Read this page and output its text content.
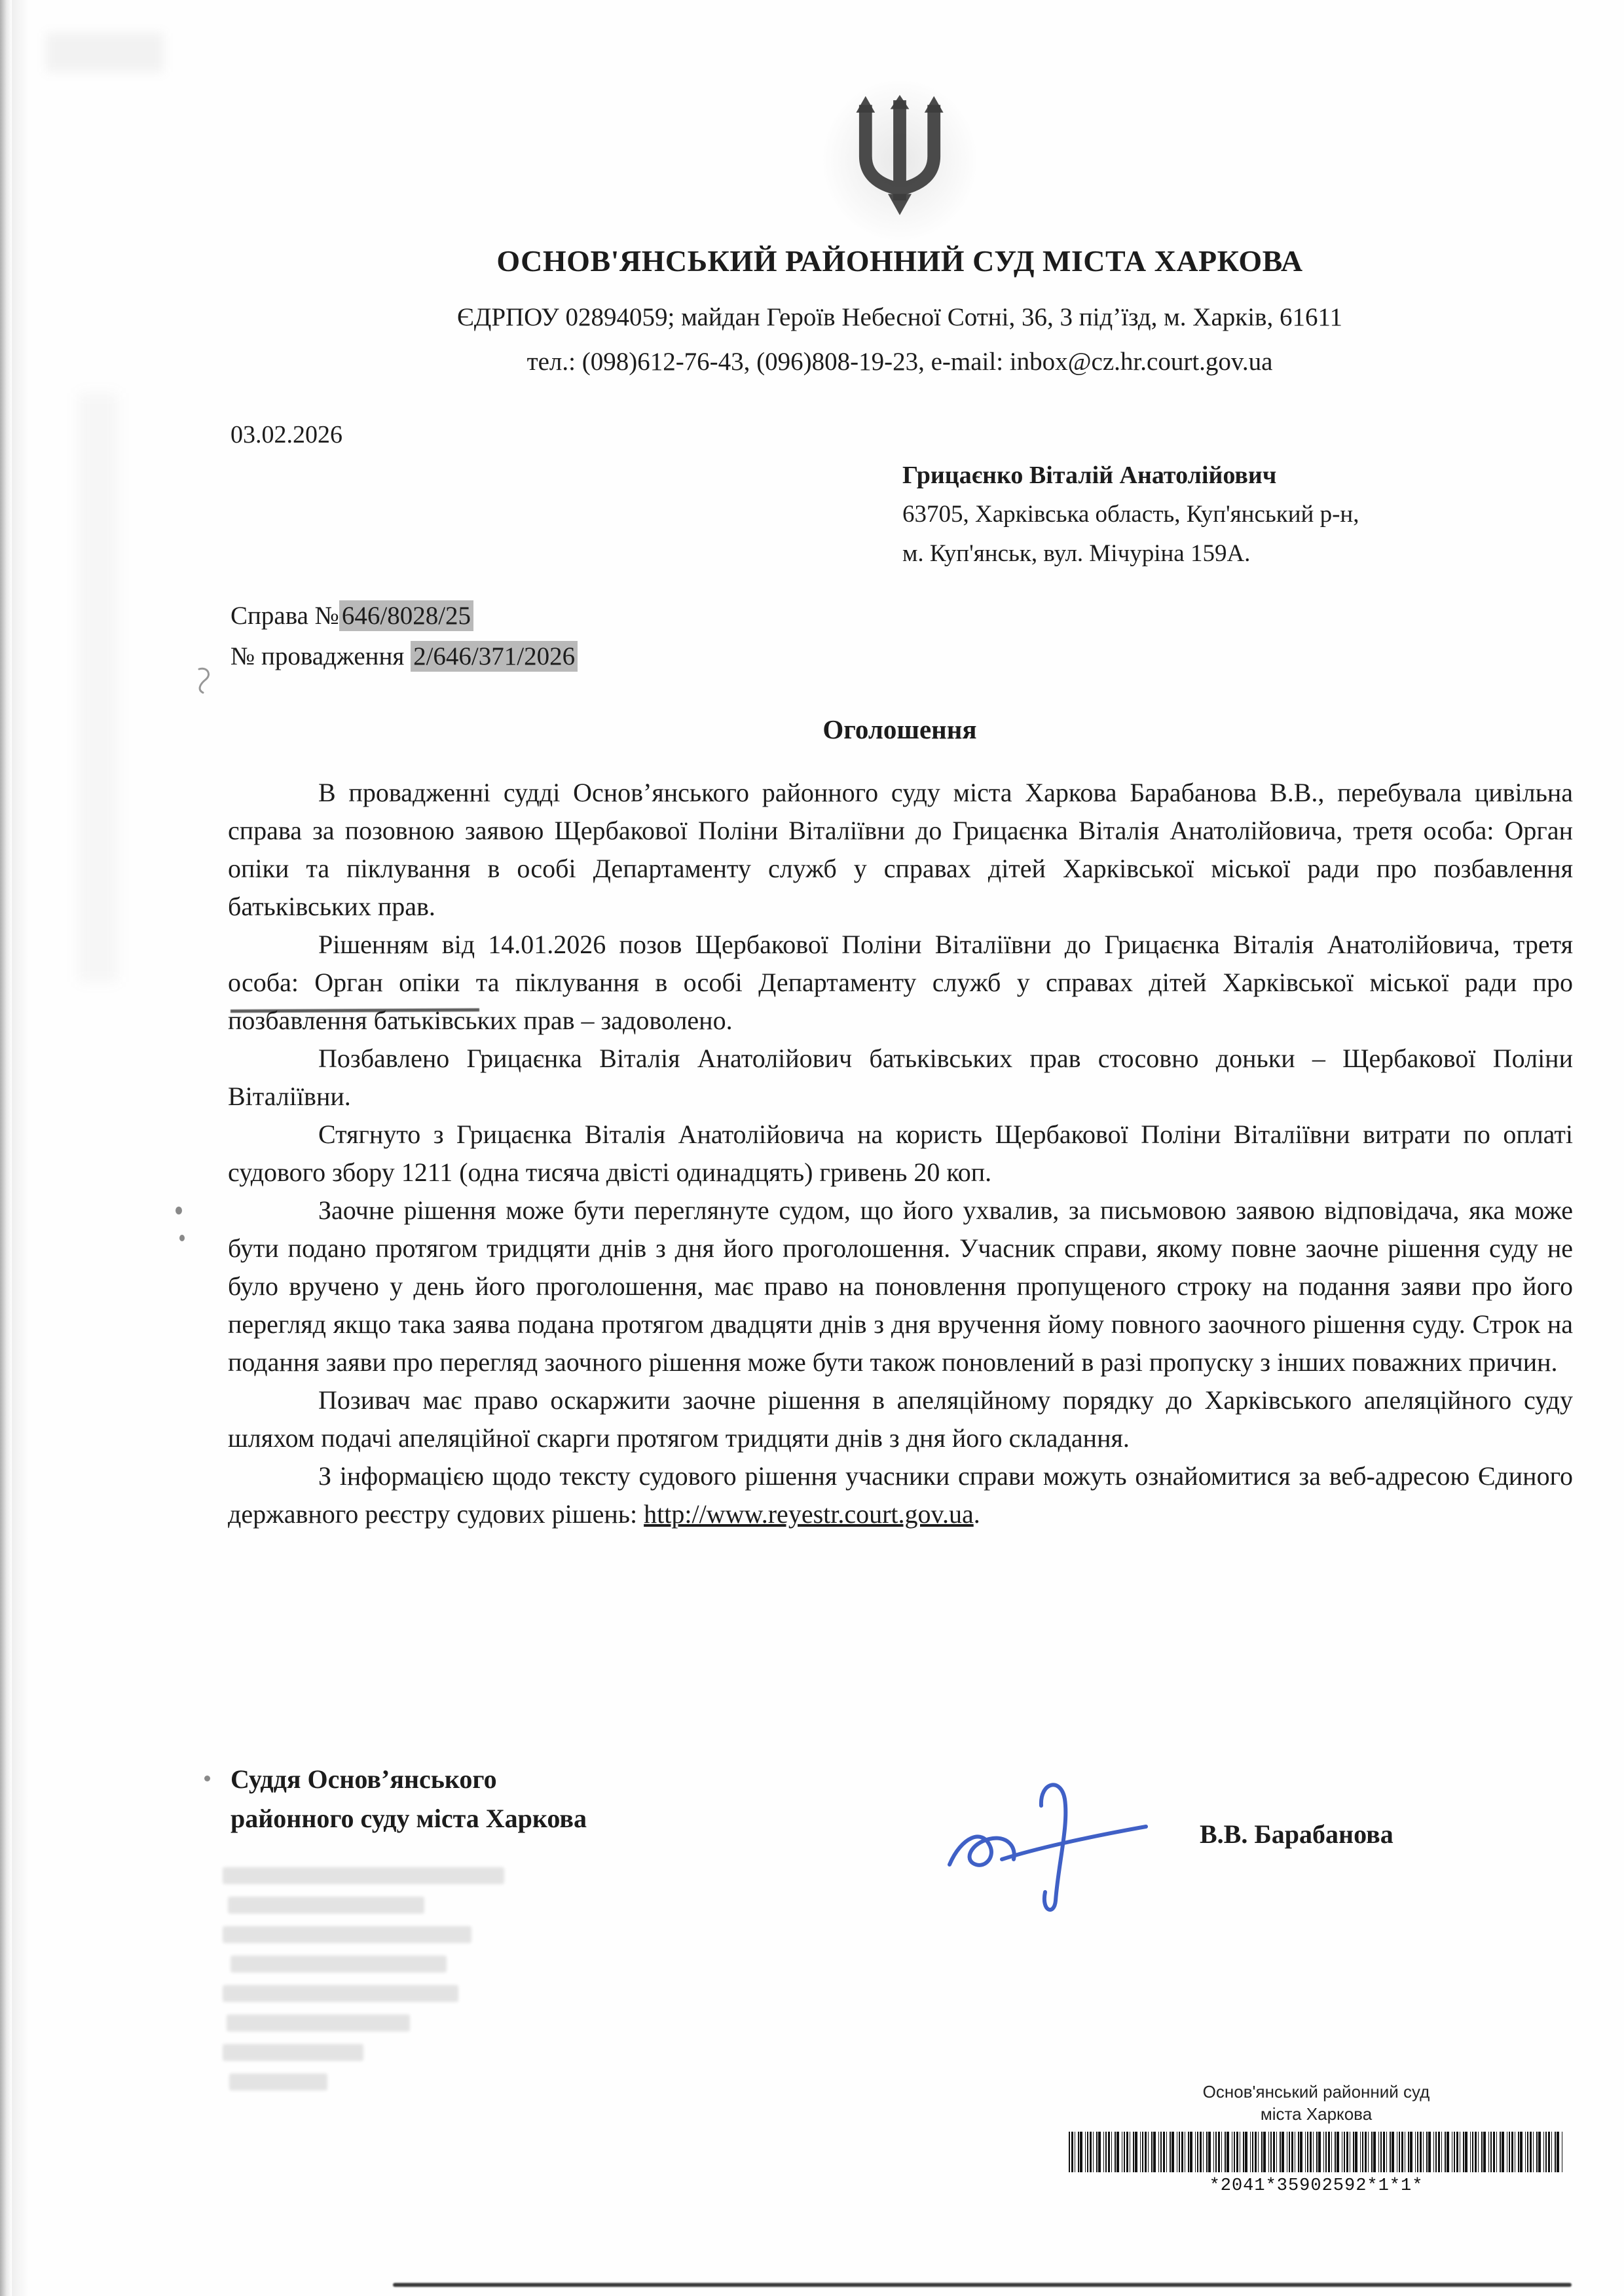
ОСНОВ'ЯНСЬКИЙ РАЙОННИЙ СУД МІСТА ХАРКОВА
ЄДРПОУ 02894059; майдан Героїв Небесної Сотні, 36, 3 під’їзд, м. Харків, 61611
тел.: (098)612-76-43, (096)808-19-23, e-mail: inbox@cz.hr.court.gov.ua
03.02.2026
Грицаєнко Віталій Анатолійович
63705, Харківська область, Куп'янський р-н,
м. Куп'янськ, вул. Мічуріна 159А.
Справа № 646/8028/25
№ провадження 2/646/371/2026
Оголошення

В провадженні судді Основ’янського районного суду міста Харкова Барабанова В.В., перебувала цивільна справа за позовною заявою Щербакової Поліни Віталіївни до Грицаєнка Віталія Анатолійовича, третя особа: Орган опіки та піклування в особі Департаменту служб у справах дітей Харківської міської ради про позбавлення батьківських прав.

Рішенням від 14.01.2026 позов Щербакової Поліни Віталіївни до Грицаєнка Віталія Анатолійовича, третя особа: Орган опіки та піклування в особі Департаменту служб у справах дітей Харківської міської ради про позбавлення батьківських прав – задоволено.

Позбавлено Грицаєнка Віталія Анатолійович батьківських прав стосовно доньки – Щербакової Поліни Віталіївни.

Стягнуто з Грицаєнка Віталія Анатолійовича на користь Щербакової Поліни Віталіївни витрати по оплаті судового збору 1211 (одна тисяча двісті одинадцять) гривень 20 коп.

Заочне рішення може бути переглянуте судом, що його ухвалив, за письмовою заявою відповідача, яка може бути подано протягом тридцяти днів з дня його проголошення. Учасник справи, якому повне заочне рішення суду не було вручено у день його проголошення, має право на поновлення пропущеного строку на подання заяви про його перегляд якщо така заява подана протягом двадцяти днів з дня вручення йому повного заочного рішення суду. Строк на подання заяви про перегляд заочного рішення може бути також поновлений в разі пропуску з інших поважних причин.

Позивач має право оскаржити заочне рішення в апеляційному порядку до Харківського апеляційного суду шляхом подачі апеляційної скарги протягом тридцяти днів з дня його складання.

З інформацією щодо тексту судового рішення учасники справи можуть ознайомитися за веб-адресою Єдиного державного реєстру судових рішень: http://www.reyestr.court.gov.ua.

Суддя Основ’янського
районного суду міста Харкова
В.В. Барабанова
Основ'янський районний суд
міста Харкова
*2041*35902592*1*1*
